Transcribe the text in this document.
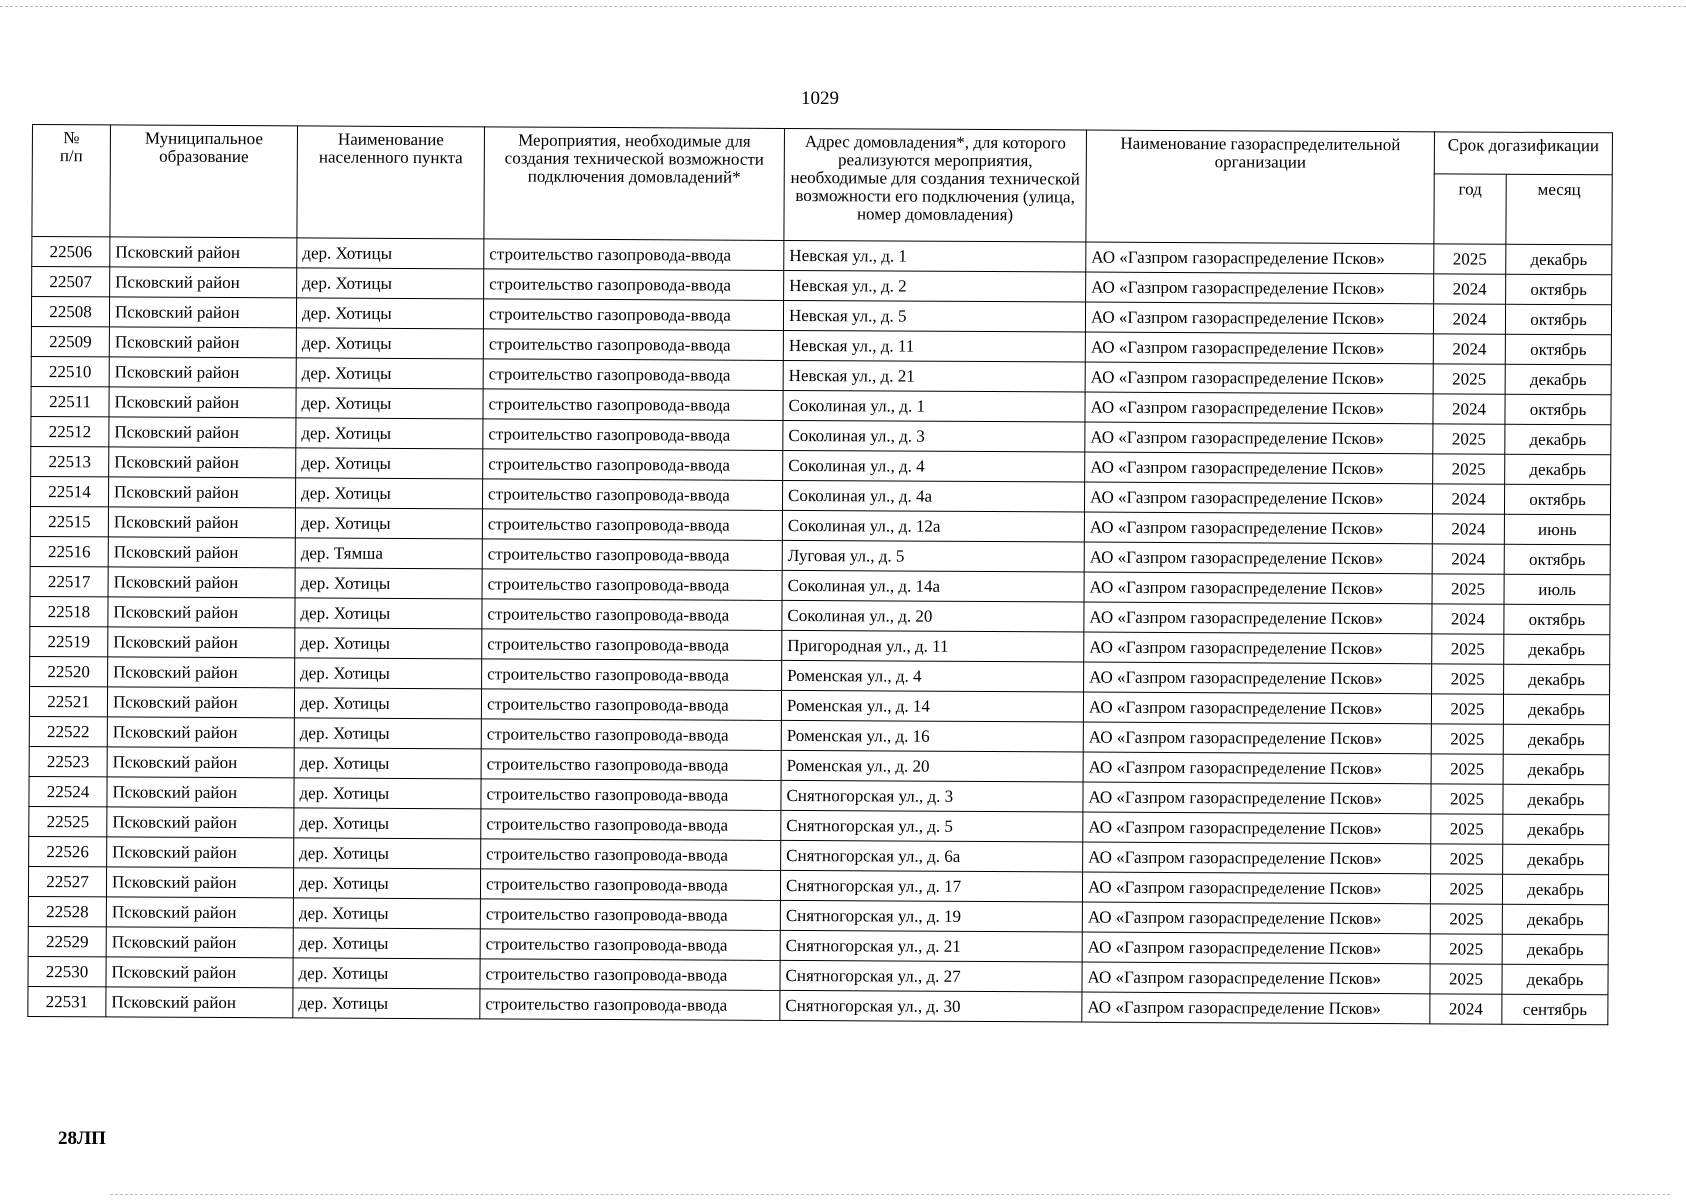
1029
№
п/п	Муниципальное образование	Наименование населенного пункта	Мероприятия, необходимые для создания технической возможности подключения домовладений*	Адрес домовладения*, для которого реализуются мероприятия, необходимые для создания технической возможности его подключения (улица, номер домовладения)	Наименование газораспределительной организации	Срок догазификации	
						год	месяц
22506	Псковский район	дер. Хотицы	строительство газопровода-ввода	Невская ул., д. 1	АО «Газпром газораспределение Псков»	2025	декабрь
22507	Псковский район	дер. Хотицы	строительство газопровода-ввода	Невская ул., д. 2	АО «Газпром газораспределение Псков»	2024	октябрь
22508	Псковский район	дер. Хотицы	строительство газопровода-ввода	Невская ул., д. 5	АО «Газпром газораспределение Псков»	2024	октябрь
22509	Псковский район	дер. Хотицы	строительство газопровода-ввода	Невская ул., д. 11	АО «Газпром газораспределение Псков»	2024	октябрь
22510	Псковский район	дер. Хотицы	строительство газопровода-ввода	Невская ул., д. 21	АО «Газпром газораспределение Псков»	2025	декабрь
22511	Псковский район	дер. Хотицы	строительство газопровода-ввода	Соколиная ул., д. 1	АО «Газпром газораспределение Псков»	2024	октябрь
22512	Псковский район	дер. Хотицы	строительство газопровода-ввода	Соколиная ул., д. 3	АО «Газпром газораспределение Псков»	2025	декабрь
22513	Псковский район	дер. Хотицы	строительство газопровода-ввода	Соколиная ул., д. 4	АО «Газпром газораспределение Псков»	2025	декабрь
22514	Псковский район	дер. Хотицы	строительство газопровода-ввода	Соколиная ул., д. 4а	АО «Газпром газораспределение Псков»	2024	октябрь
22515	Псковский район	дер. Хотицы	строительство газопровода-ввода	Соколиная ул., д. 12а	АО «Газпром газораспределение Псков»	2024	июнь
22516	Псковский район	дер. Тямша	строительство газопровода-ввода	Луговая ул., д. 5	АО «Газпром газораспределение Псков»	2024	октябрь
22517	Псковский район	дер. Хотицы	строительство газопровода-ввода	Соколиная ул., д. 14а	АО «Газпром газораспределение Псков»	2025	июль
22518	Псковский район	дер. Хотицы	строительство газопровода-ввода	Соколиная ул., д. 20	АО «Газпром газораспределение Псков»	2024	октябрь
22519	Псковский район	дер. Хотицы	строительство газопровода-ввода	Пригородная ул., д. 11	АО «Газпром газораспределение Псков»	2025	декабрь
22520	Псковский район	дер. Хотицы	строительство газопровода-ввода	Роменская ул., д. 4	АО «Газпром газораспределение Псков»	2025	декабрь
22521	Псковский район	дер. Хотицы	строительство газопровода-ввода	Роменская ул., д. 14	АО «Газпром газораспределение Псков»	2025	декабрь
22522	Псковский район	дер. Хотицы	строительство газопровода-ввода	Роменская ул., д. 16	АО «Газпром газораспределение Псков»	2025	декабрь
22523	Псковский район	дер. Хотицы	строительство газопровода-ввода	Роменская ул., д. 20	АО «Газпром газораспределение Псков»	2025	декабрь
22524	Псковский район	дер. Хотицы	строительство газопровода-ввода	Снятногорская ул., д. 3	АО «Газпром газораспределение Псков»	2025	декабрь
22525	Псковский район	дер. Хотицы	строительство газопровода-ввода	Снятногорская ул., д. 5	АО «Газпром газораспределение Псков»	2025	декабрь
22526	Псковский район	дер. Хотицы	строительство газопровода-ввода	Снятногорская ул., д. 6а	АО «Газпром газораспределение Псков»	2025	декабрь
22527	Псковский район	дер. Хотицы	строительство газопровода-ввода	Снятногорская ул., д. 17	АО «Газпром газораспределение Псков»	2025	декабрь
22528	Псковский район	дер. Хотицы	строительство газопровода-ввода	Снятногорская ул., д. 19	АО «Газпром газораспределение Псков»	2025	декабрь
22529	Псковский район	дер. Хотицы	строительство газопровода-ввода	Снятногорская ул., д. 21	АО «Газпром газораспределение Псков»	2025	декабрь
22530	Псковский район	дер. Хотицы	строительство газопровода-ввода	Снятногорская ул., д. 27	АО «Газпром газораспределение Псков»	2025	декабрь
22531	Псковский район	дер. Хотицы	строительство газопровода-ввода	Снятногорская ул., д. 30	АО «Газпром газораспределение Псков»	2024	сентябрь
28ЛП
